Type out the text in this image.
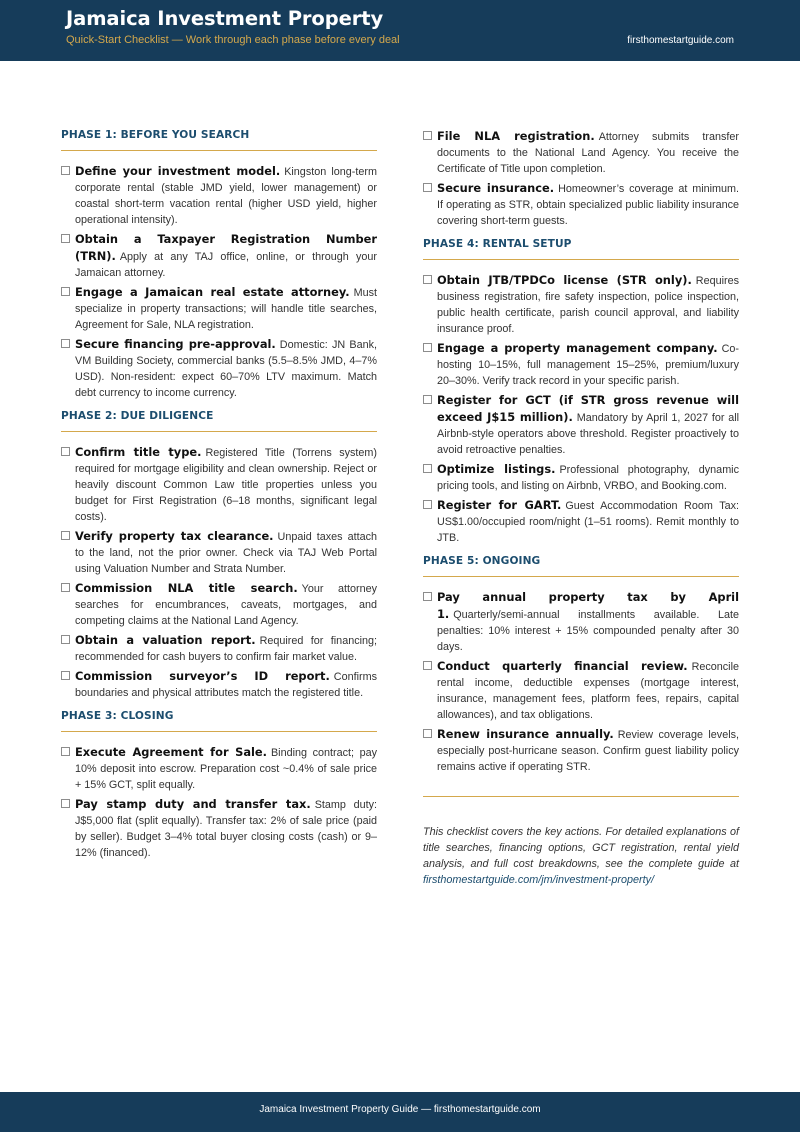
Jamaica Investment Property
Quick-Start Checklist — Work through each phase before every deal	firsthomestartguide.com
PHASE 1: BEFORE YOU SEARCH
Define your investment model. Kingston long-term corporate rental (stable JMD yield, lower management) or coastal short-term vacation rental (higher USD yield, higher operational intensity).
Obtain a Taxpayer Registration Number (TRN). Apply at any TAJ office, online, or through your Jamaican attorney.
Engage a Jamaican real estate attorney. Must specialize in property transactions; will handle title searches, Agreement for Sale, NLA registration.
Secure financing pre-approval. Domestic: JN Bank, VM Building Society, commercial banks (5.5–8.5% JMD, 4–7% USD). Non-resident: expect 60–70% LTV maximum. Match debt currency to income currency.
PHASE 2: DUE DILIGENCE
Confirm title type. Registered Title (Torrens system) required for mortgage eligibility and clean ownership. Reject or heavily discount Common Law title properties unless you budget for First Registration (6–18 months, significant legal costs).
Verify property tax clearance. Unpaid taxes attach to the land, not the prior owner. Check via TAJ Web Portal using Valuation Number and Strata Number.
Commission NLA title search. Your attorney searches for encumbrances, caveats, mortgages, and competing claims at the National Land Agency.
Obtain a valuation report. Required for financing; recommended for cash buyers to confirm fair market value.
Commission surveyor’s ID report. Confirms boundaries and physical attributes match the registered title.
PHASE 3: CLOSING
Execute Agreement for Sale. Binding contract; pay 10% deposit into escrow. Preparation cost ~0.4% of sale price + 15% GCT, split equally.
Pay stamp duty and transfer tax. Stamp duty: J$5,000 flat (split equally). Transfer tax: 2% of sale price (paid by seller). Budget 3–4% total buyer closing costs (cash) or 9–12% (financed).
File NLA registration. Attorney submits transfer documents to the National Land Agency. You receive the Certificate of Title upon completion.
Secure insurance. Homeowner’s coverage at minimum. If operating as STR, obtain specialized public liability insurance covering short-term guests.
PHASE 4: RENTAL SETUP
Obtain JTB/TPDCo license (STR only). Requires business registration, fire safety inspection, police inspection, public health certificate, parish council approval, and liability insurance proof.
Engage a property management company. Co-hosting 10–15%, full management 15–25%, premium/luxury 20–30%. Verify track record in your specific parish.
Register for GCT (if STR gross revenue will exceed J$15 million). Mandatory by April 1, 2027 for all Airbnb-style operators above threshold. Register proactively to avoid retroactive penalties.
Optimize listings. Professional photography, dynamic pricing tools, and listing on Airbnb, VRBO, and Booking.com.
Register for GART. Guest Accommodation Room Tax: US$1.00/occupied room/night (1–51 rooms). Remit monthly to JTB.
PHASE 5: ONGOING
Pay annual property tax by April 1. Quarterly/semi-annual installments available. Late penalties: 10% interest + 15% compounded penalty after 30 days.
Conduct quarterly financial review. Reconcile rental income, deductible expenses (mortgage interest, insurance, management fees, platform fees, repairs, capital allowances), and tax obligations.
Renew insurance annually. Review coverage levels, especially post-hurricane season. Confirm guest liability policy remains active if operating STR.
This checklist covers the key actions. For detailed explanations of title searches, financing options, GCT registration, rental yield analysis, and full cost breakdowns, see the complete guide at firsthomestartguide.com/jm/investment-property/
Jamaica Investment Property Guide — firsthomestartguide.com
